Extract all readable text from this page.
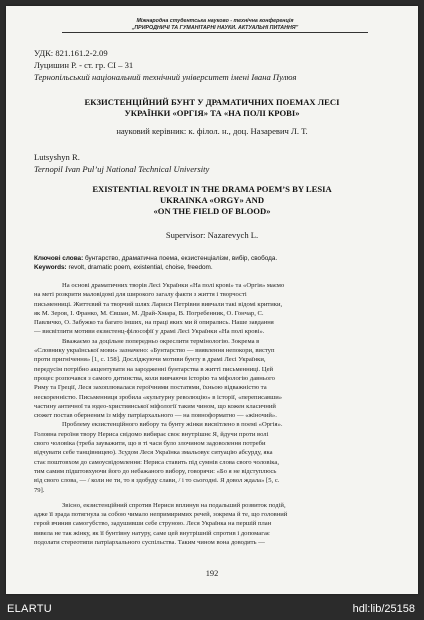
Міжнародна студентська науково - технічна конференція
„ПРИРОДНИЧІ ТА ГУМАНІТАРНІ НАУКИ. АКТУАЛЬНІ ПИТАННЯ”
УДК: 821.161.2-2.09
Луцишин Р. - ст. гр. СІ – 31
Тернопільський національний технічний університет імені Івана Пулюя
ЕКЗИСТЕНЦІЙНИЙ БУНТ У ДРАМАТИЧНИХ ПОЕМАХ ЛЕСІ
УКРАЇНКИ «ОРГІЯ» ТА «НА ПОЛІ КРОВІ»
науковий керівник: к. філол. н., доц. Назаревич Л. Т.
Lutsyshyn R.
Ternopil Ivan Pul’uj National Technical University
EXISTENTIAL REVOLT IN THE DRAMA POEM’S BY LESIA
UKRAINKA «ORGY» AND
«ON THE FIELD OF BLOOD»
Supervisor: Nazarevych L.
Ключові слова: бунтарство, драматична поема, екзистенціалізм, вибір, свобода.
Keywords: revolt, dramatic poem, existential, choise, freedom.
На основі драматичних творів Лесі Українки «На полі крові» та «Оргія» маємо
на меті розкрити маловідомі для широкого загалу факти з життя і творчості
письменниці. Життєвий та творчий шлях Лариси Петрівни вивчали такі відомі критики,
як М. Зеров, І. Франко, М. Євшан, М. Драй-Хмара, В. Погребенник, О. Гончар, С.
Павличко, О. Забужко та багато інших, на праці яких ми й опирались. Наше завдання
— висвітлити мотиви екзистенц-філософії у драмі Лесі Українки «На полі крові».
Вважаємо за доцільне попередньо окреслити термінологію. Зокрема в
«Словнику української мови» зазначено: «Бунтарство — виявлення непокори, виступ
проти пригнічення» [1, с. 158]. Досліджуючи мотиви бунту в драмі Лесі Українки,
передусім потрібно акцентувати на зародженні бунтарства в житті письменниці. Цей
процес розпочався з самого дитинства, коли вивчаючи історію та міфологію давнього
Риму та Греції, Леся захоплювалася героїчними постатями, їхньою відважністю та
нескоренністю. Письменниця зробила «культурну революцію» в історії, «переписавши»
частину античної та юдео-християнської міфології таким чином, що кожен класичний
сюжет постав оберненим із міфу патріархального — на повноформатно — «жіночий».
Проблему екзистенційного вибору та бунту жінки висвітлено в поемі «Оргія».
Головна героїня твору Нериса свідомо вибирає своє внутрішнє Я, йдучи проти волі
свого чоловіка (треба зауважити, що в ті часи було злочином задоволення потреби
відчувати себе танцівницею). Зсудом Леся Українка змальовує ситуацію абсурду, яка
стає поштовхом до самоусвідомлення: Нериса ставить під сумнів слова свого чоловіка,
тим самим підштовхуючи його до небажаного вибору, говорячи: «Бо я не відступлюсь
від свого слова, — / коли не ти, то я здобуду слави, / і то сьогодні. Я довол ждала» [5, с.
79].
Звісно, екзистенційний спротив Нериси вплинув на подальший розвиток подій,
адже її зрада потягнула за собою чимало непримиримих речей, зокрема й те, що головний
герой вчинив самогубство, задушивши себе струною. Леся Українка на першій план
вивела не так жінку, як її бунтівну натуру, саме цей внутрішній спротив і допомагає
подолати стереотипи патріархального суспільства. Таким чином вона доводить —
192
ELARTU	hdl:lib/25158
